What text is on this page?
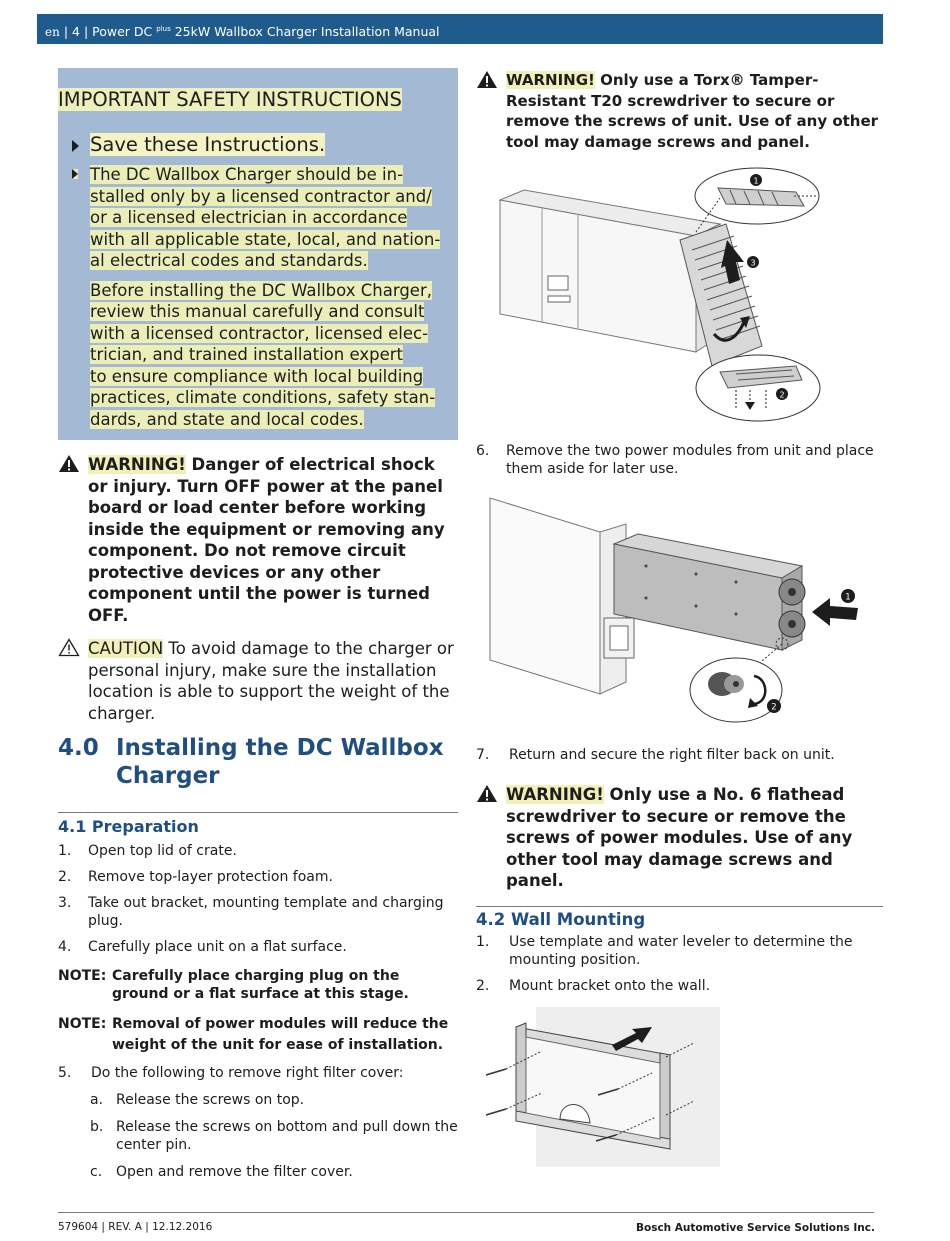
en | 4 | Power DC $^{plus}$ 25kW Wallbox Charger Installation Manual
IMPORTANT SAFETY INSTRUCTIONS
Save these Instructions.
The DC Wallbox Charger should be in-
stalled only by a licensed contractor and/
or a licensed electrician in accordance
with all applicable state, local, and nation-
al electrical codes and standards.
Before installing the DC Wallbox Charger,
review this manual carefully and consult
with a licensed contractor, licensed elec-
trician, and trained installation expert
to ensure compliance with local building
practices, climate conditions, safety stan-
dards, and state and local codes.
WARNING! Danger of electrical shock or injury. Turn OFF power at the panel board or load center before working inside the equipment or removing any component. Do not remove circuit protective devices or any other component until the power is turned OFF.
CAUTION To avoid damage to the charger or personal injury, make sure the installation location is able to support the weight of the charger.
4.0 Installing the DC Wallbox Charger
4.1 Preparation
1. Open top lid of crate.
2. Remove top-layer protection foam.
3. Take out bracket, mounting template and charging plug.
4. Carefully place unit on a flat surface.
NOTE: Carefully place charging plug on the ground or a flat surface at this stage.
NOTE: Removal of power modules will reduce the weight of the unit for ease of installation.
5. Do the following to remove right filter cover:
a. Release the screws on top.
b. Release the screws on bottom and pull down the center pin.
c. Open and remove the filter cover.
WARNING! Only use a Torx® Tamper-Resistant T20 screwdriver to secure or remove the screws of unit. Use of any other tool may damage screws and panel.
3
1
2
6. Remove the two power modules from unit and place them aside for later use.
1
2
7. Return and secure the right filter back on unit.
WARNING! Only use a No. 6 flathead screwdriver to secure or remove the screws of power modules. Use of any other tool may damage screws and panel.
4.2 Wall Mounting
1. Use template and water leveler to determine the mounting position.
2. Mount bracket onto the wall.
579604 | REV. A | 12.12.2016	Bosch Automotive Service Solutions Inc.
